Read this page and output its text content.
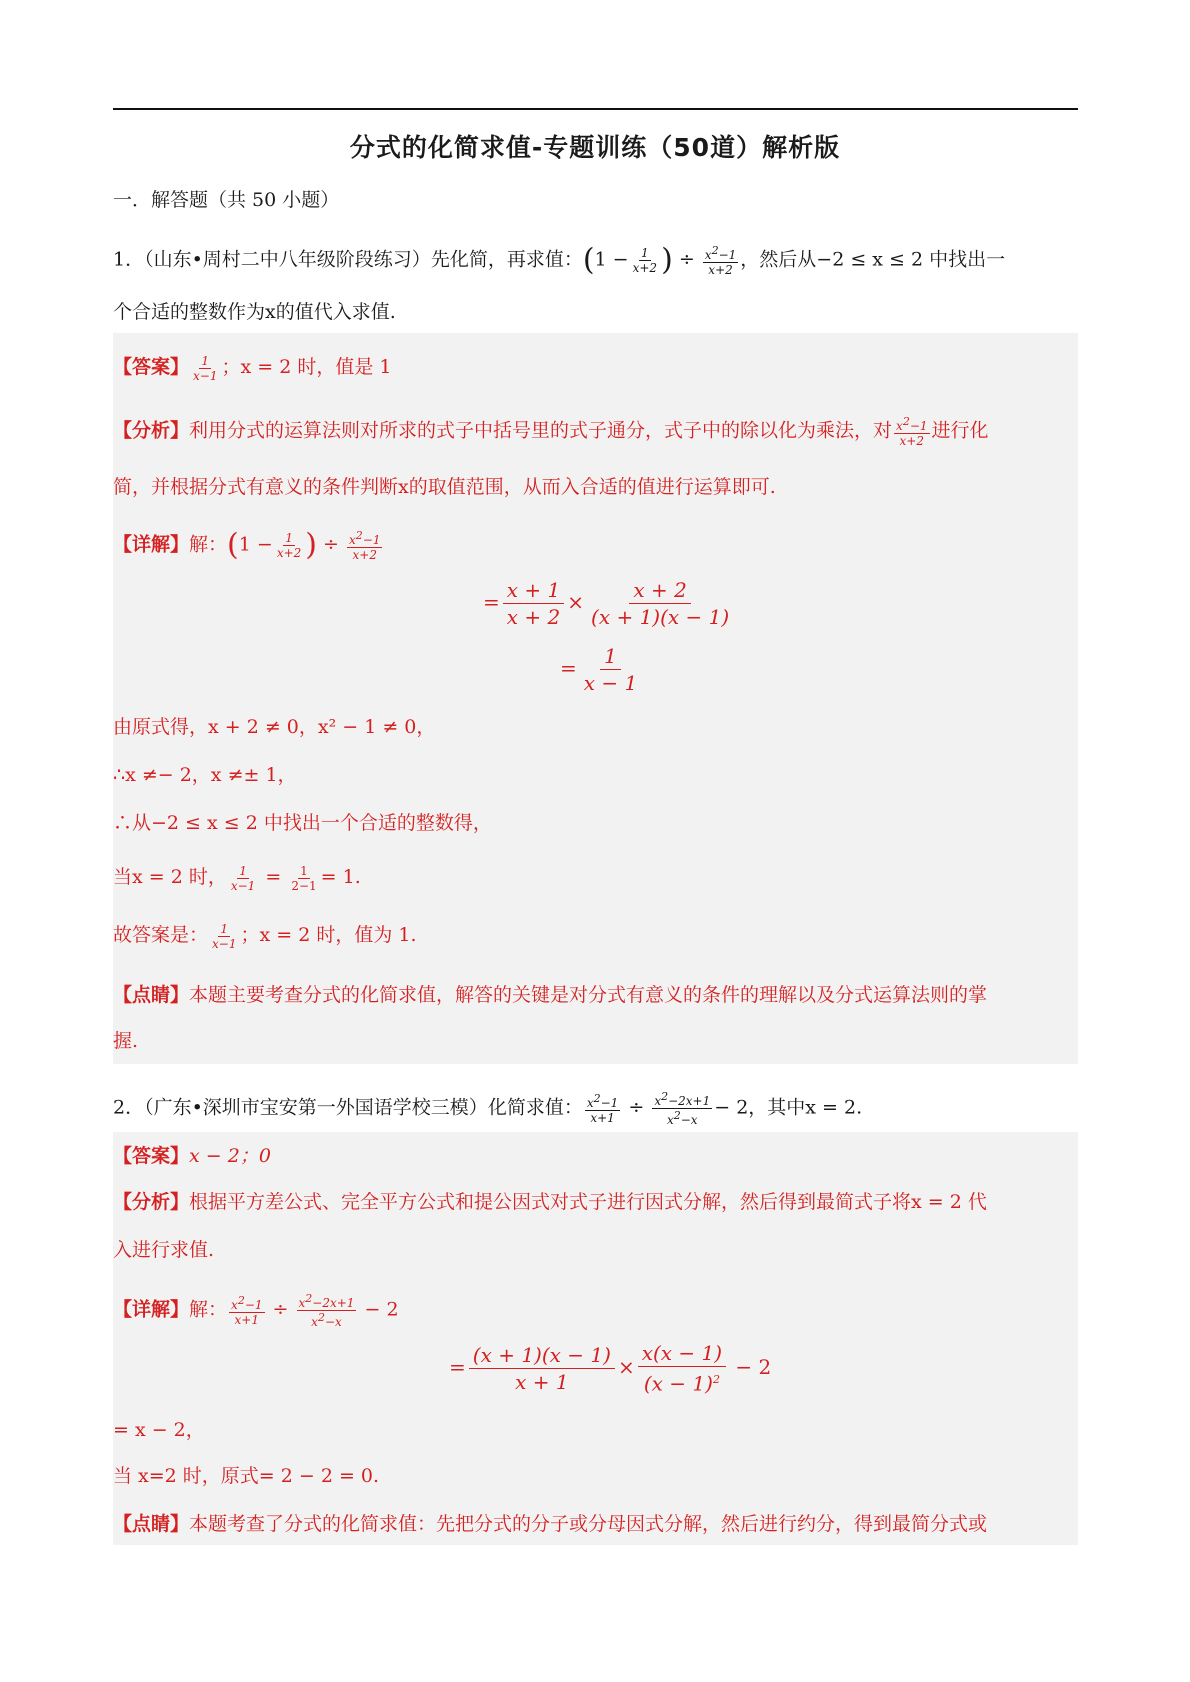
分式的化简求值-专题训练（50道）解析版
一．解答题（共 50 小题）
1．（山东•周村二中八年级阶段练习）先化简，再求值：($1 - \frac{1}{x+2}$ ) ÷ $\frac{x^2-1}{x+2}$ ，然后从−2 ≤ x ≤ 2 中找出一
个合适的整数作为x的值代入求值.
【答案】 $\frac{1}{x-1}$ ；x = 2 时，值是 1
【分析】利用分式的运算法则对所求的式子中括号里的式子通分，式子中的除以化为乘法，对 $\frac{x^2-1}{x+2}$ 进行化
简，并根据分式有意义的条件判断x的取值范围，从而入合适的值进行运算即可.
【详解】解：($1 - \frac{1}{x+2}$ ) ÷ $\frac{x^2-1}{x+2}$
= $\frac{x + 1}{x + 2} \times \frac{x + 2}{(x + 1)(x - 1)}$
= $\frac{1}{x - 1}$
由原式得，x + 2 ≠ 0，x² − 1 ≠ 0，
∴x ≠− 2，x ≠± 1，
∴从−2 ≤ x ≤ 2 中找出一个合适的整数得，
当x = 2 时， $\frac{1}{x-1} = \frac{1}{2-1} = 1$.
故答案是： $\frac{1}{x-1}$ ；x = 2 时，值为 1.
【点睛】本题主要考查分式的化简求值，解答的关键是对分式有意义的条件的理解以及分式运算法则的掌
握.
2．（广东•深圳市宝安第一外国语学校三模）化简求值： $\frac{x^2-1}{x+1} \div \frac{x^2-2x+1}{x^2-x} - 2$，其中x = 2.
【答案】x − 2；0
【分析】根据平方差公式、完全平方公式和提公因式对式子进行因式分解，然后得到最简式子将x = 2 代
入进行求值.
【详解】解： $\frac{x^2-1}{x+1} \div \frac{x^2-2x+1}{x^2-x} - 2$
= $\frac{(x + 1)(x - 1)}{x + 1} \times \frac{x(x - 1)}{(x - 1)^2} - 2$
= x − 2，
当 x=2 时，原式= 2 − 2 = 0.
【点睛】本题考查了分式的化简求值：先把分式的分子或分母因式分解，然后进行约分，得到最简分式或
